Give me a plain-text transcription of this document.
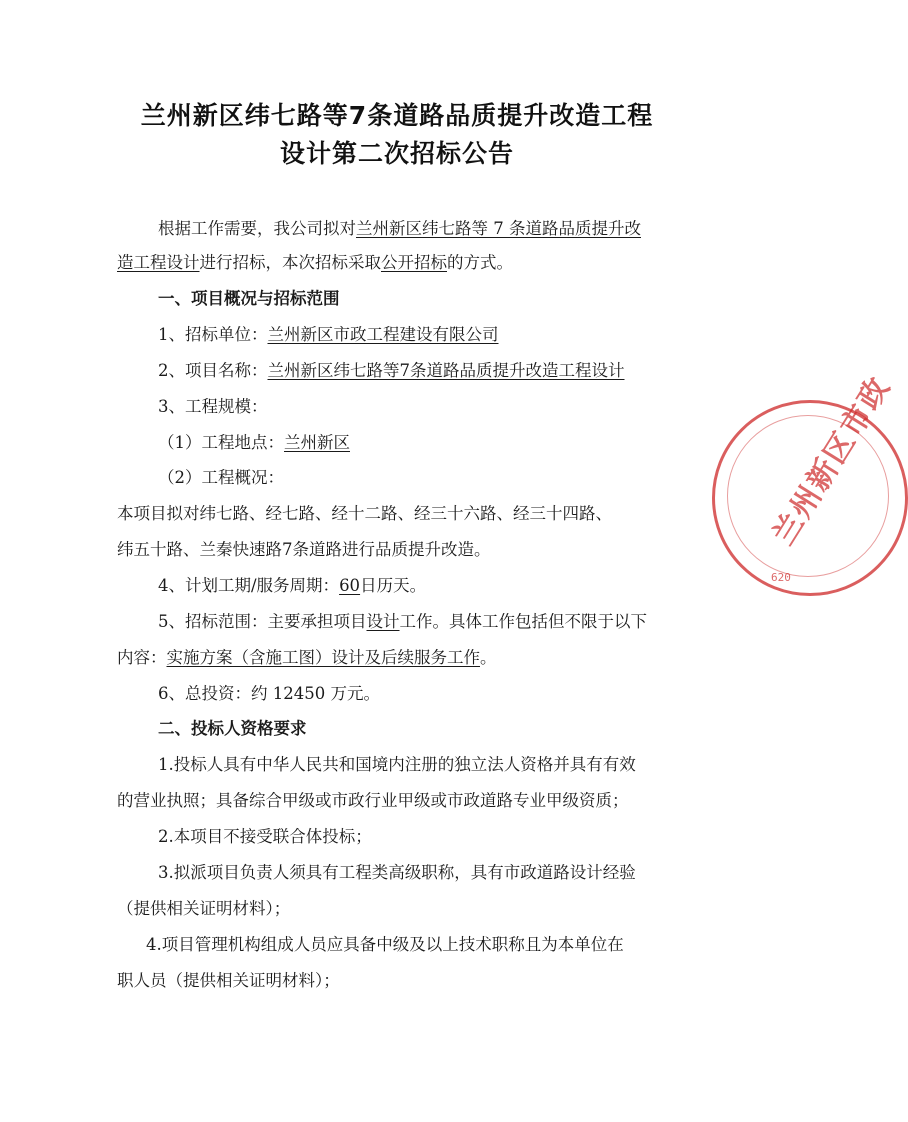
兰州新区纬七路等7条道路品质提升改造工程
设计第二次招标公告
根据工作需要，我公司拟对兰州新区纬七路等 7 条道路品质提升改
造工程设计进行招标，本次招标采取公开招标的方式。
一、项目概况与招标范围
1、招标单位：兰州新区市政工程建设有限公司
2、项目名称：兰州新区纬七路等7条道路品质提升改造工程设计
3、工程规模：
（1）工程地点：兰州新区
（2）工程概况：
本项目拟对纬七路、经七路、经十二路、经三十六路、经三十四路、
纬五十路、兰秦快速路7条道路进行品质提升改造。
4、计划工期/服务周期：60日历天。
5、招标范围：主要承担项目设计工作。具体工作包括但不限于以下
内容：实施方案（含施工图）设计及后续服务工作。
6、总投资：约 12450 万元。
二、投标人资格要求
1.投标人具有中华人民共和国境内注册的独立法人资格并具有有效
的营业执照；具备综合甲级或市政行业甲级或市政道路专业甲级资质；
2.本项目不接受联合体投标；
3.拟派项目负责人须具有工程类高级职称，具有市政道路设计经验
（提供相关证明材料）；
4.项目管理机构组成人员应具备中级及以上技术职称且为本单位在
职人员（提供相关证明材料）；
兰州新区市政
620
